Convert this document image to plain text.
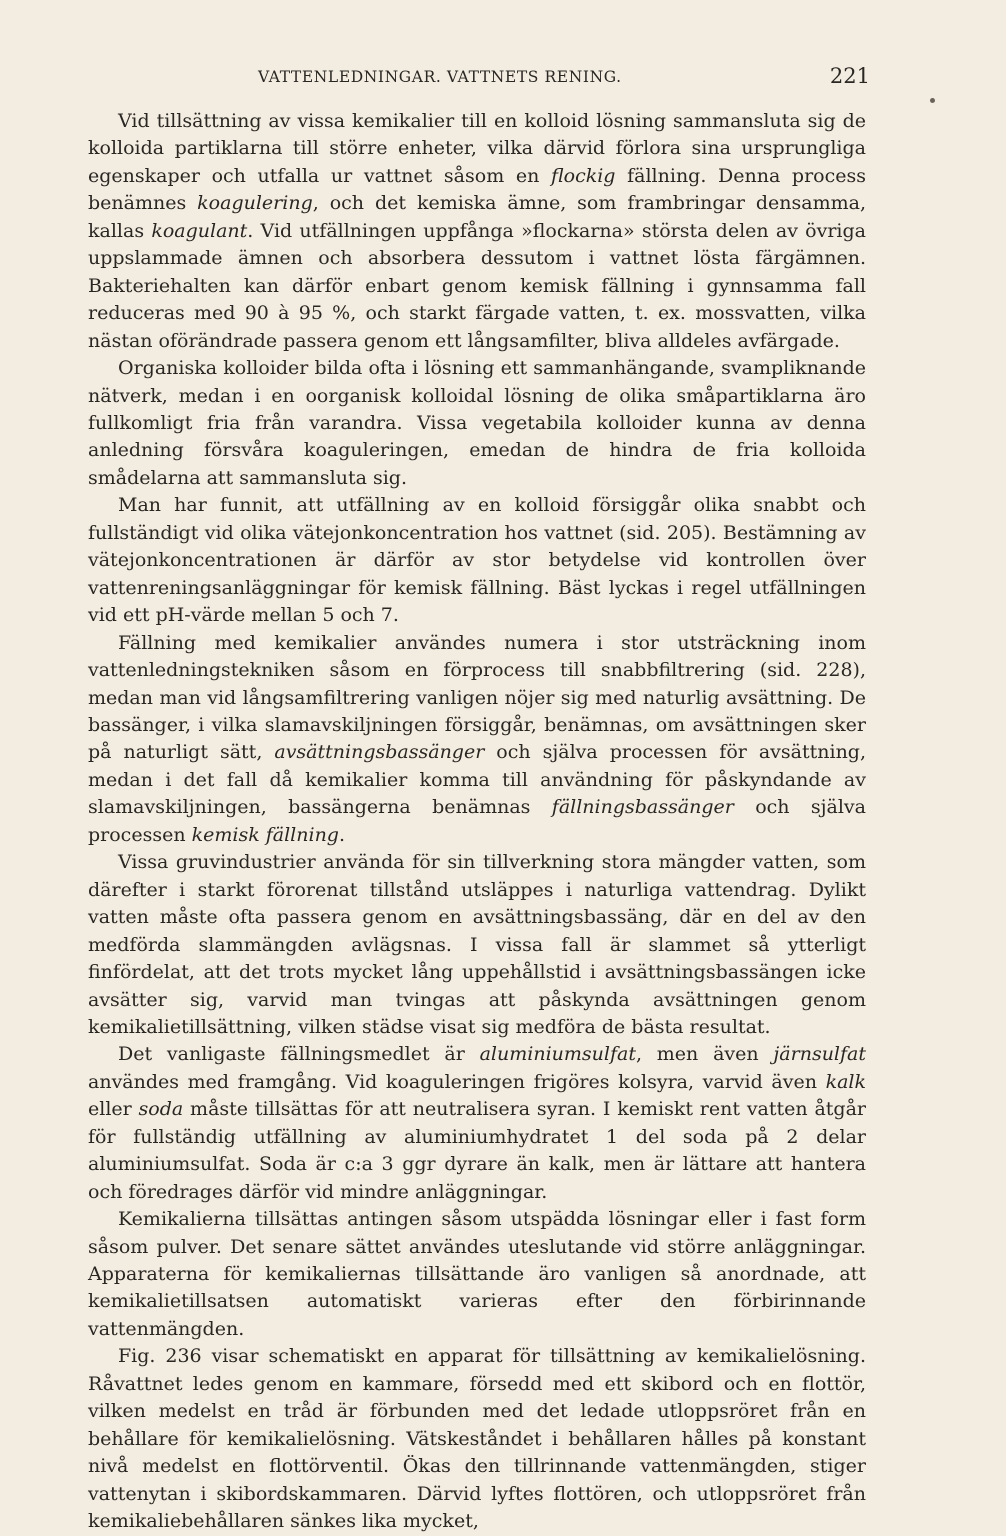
VATTENLEDNINGAR. VATTNETS RENING.	221

Vid tillsättning av vissa kemikalier till en kolloid lösning sammansluta sig de kolloida partiklarna till större enheter, vilka därvid förlora sina ursprungliga egenskaper och utfalla ur vattnet såsom en flockig fällning. Denna process benämnes koagulering, och det kemiska ämne, som frambringar densamma, kallas koagulant. Vid utfällningen uppfånga »flockarna» största delen av övriga uppslammade ämnen och absorbera dessutom i vattnet lösta färgämnen. Bakteriehalten kan därför enbart genom kemisk fällning i gynnsamma fall reduceras med 90 à 95 %, och starkt färgade vatten, t. ex. mossvatten, vilka nästan oförändrade passera genom ett långsamfilter, bliva alldeles avfärgade.

Organiska kolloider bilda ofta i lösning ett sammanhängande, svampliknande nätverk, medan i en oorganisk kolloidal lösning de olika småpartiklarna äro fullkomligt fria från varandra. Vissa vegetabila kolloider kunna av denna anledning försvåra koaguleringen, emedan de hindra de fria kolloida smådelarna att sammansluta sig.

Man har funnit, att utfällning av en kolloid försiggår olika snabbt och fullständigt vid olika vätejonkoncentration hos vattnet (sid. 205). Bestämning av vätejonkoncentrationen är därför av stor betydelse vid kontrollen över vattenreningsanläggningar för kemisk fällning. Bäst lyckas i regel utfällningen vid ett pH-värde mellan 5 och 7.

Fällning med kemikalier användes numera i stor utsträckning inom vattenledningstekniken såsom en förprocess till snabbfiltrering (sid. 228), medan man vid långsamfiltrering vanligen nöjer sig med naturlig avsättning. De bassänger, i vilka slamavskiljningen försiggår, benämnas, om avsättningen sker på naturligt sätt, avsättningsbassänger och själva processen för avsättning, medan i det fall då kemikalier komma till användning för påskyndande av slamavskiljningen, bassängerna benämnas fällningsbassänger och själva processen kemisk fällning.

Vissa gruvindustrier använda för sin tillverkning stora mängder vatten, som därefter i starkt förorenat tillstånd utsläppes i naturliga vattendrag. Dylikt vatten måste ofta passera genom en avsättningsbassäng, där en del av den medförda slammängden avlägsnas. I vissa fall är slammet så ytterligt finfördelat, att det trots mycket lång uppehållstid i avsättningsbassängen icke avsätter sig, varvid man tvingas att påskynda avsättningen genom kemikalietillsättning, vilken städse visat sig medföra de bästa resultat.

Det vanligaste fällningsmedlet är aluminiumsulfat, men även järnsulfat användes med framgång. Vid koaguleringen frigöres kolsyra, varvid även kalk eller soda måste tillsättas för att neutralisera syran. I kemiskt rent vatten åtgår för fullständig utfällning av aluminiumhydratet 1 del soda på 2 delar aluminiumsulfat. Soda är c:a 3 ggr dyrare än kalk, men är lättare att hantera och föredrages därför vid mindre anläggningar.

Kemikalierna tillsättas antingen såsom utspädda lösningar eller i fast form såsom pulver. Det senare sättet användes uteslutande vid större anläggningar. Apparaterna för kemikaliernas tillsättande äro vanligen så anordnade, att kemikalietillsatsen automatiskt varieras efter den förbirinnande vattenmängden.

Fig. 236 visar schematiskt en apparat för tillsättning av kemikalielösning. Råvattnet ledes genom en kammare, försedd med ett skibord och en flottör, vilken medelst en tråd är förbunden med det ledade utloppsröret från en behållare för kemikalielösning. Vätskeståndet i behållaren hålles på konstant nivå medelst en flottörventil. Ökas den tillrinnande vattenmängden, stiger vattenytan i skibordskammaren. Därvid lyftes flottören, och utloppsröret från kemikaliebehållaren sänkes lika mycket,
